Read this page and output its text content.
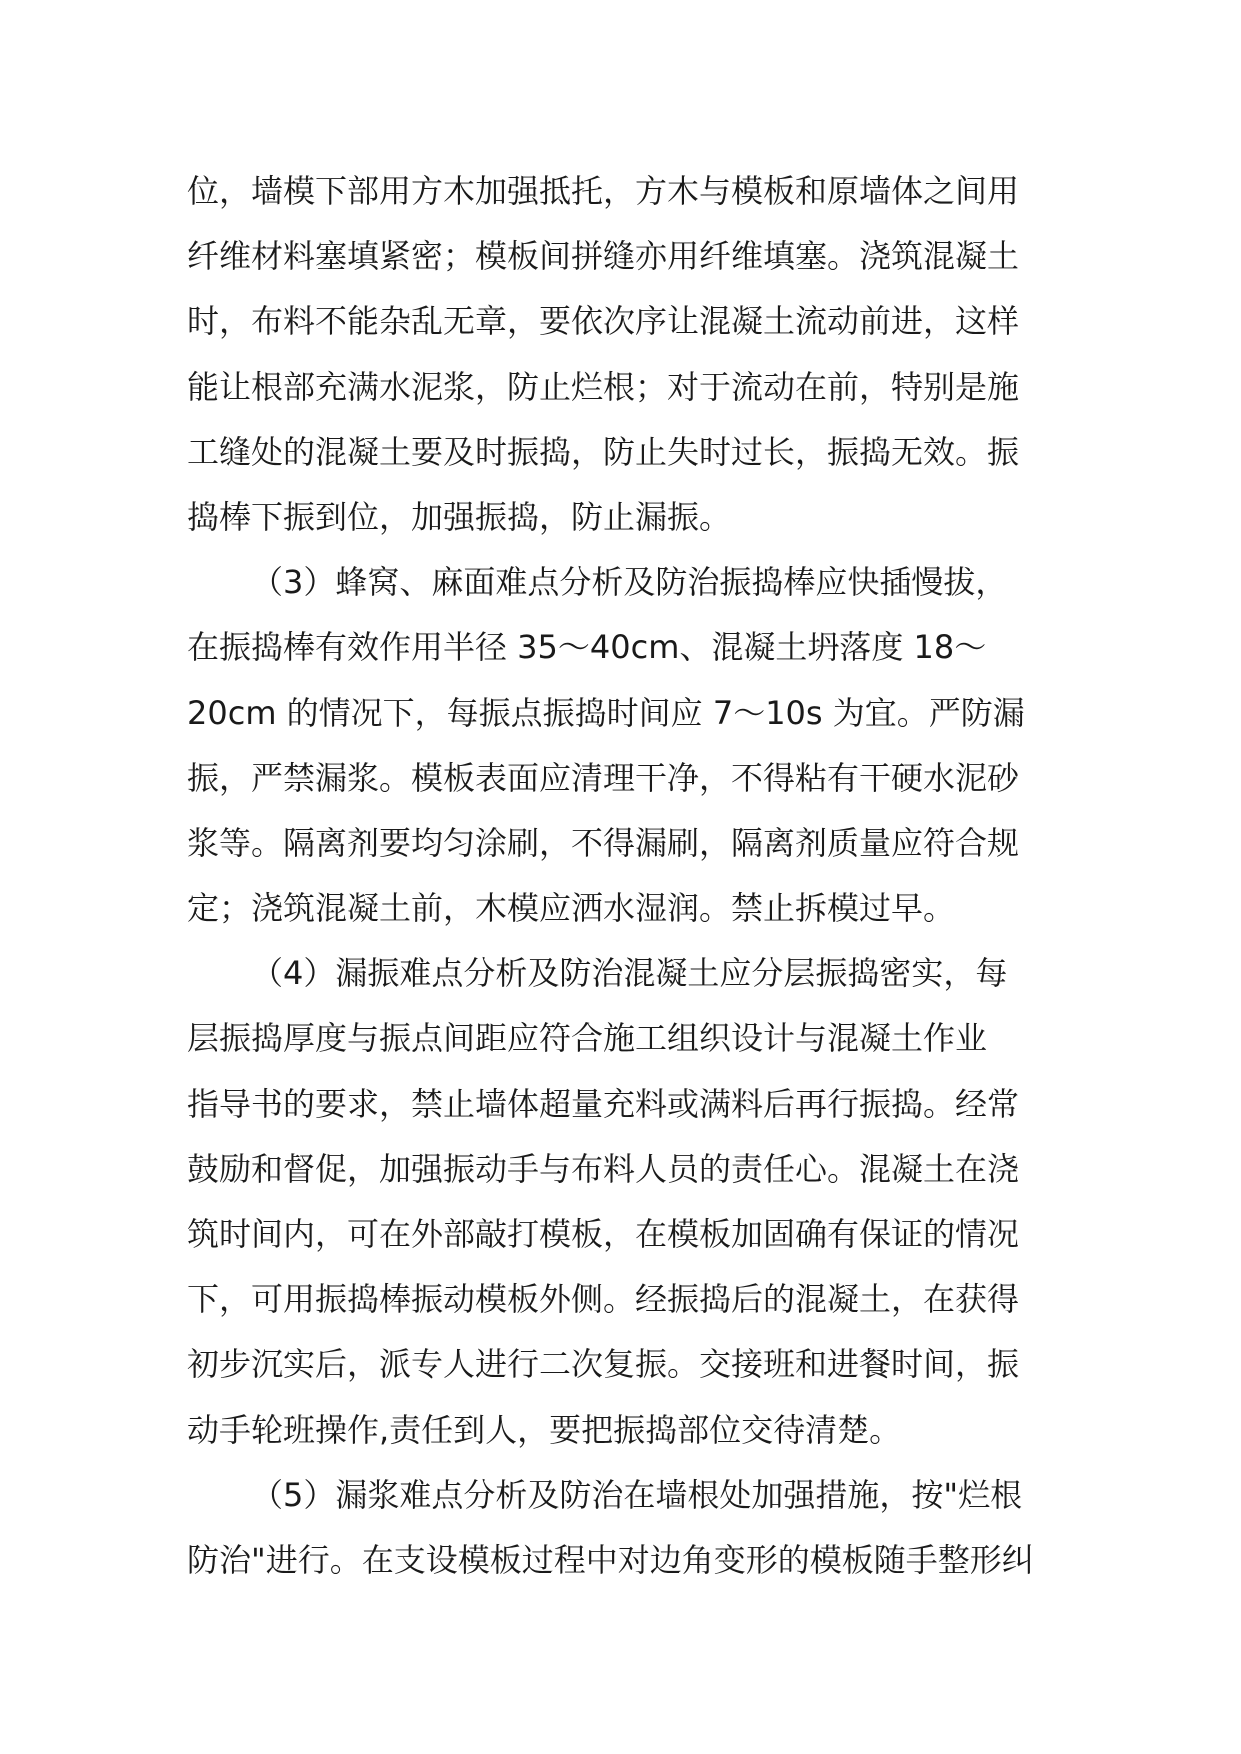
位，墙模下部用方木加强抵托，方木与模板和原墙体之间用
纤维材料塞填紧密；模板间拼缝亦用纤维填塞。浇筑混凝土
时，布料不能杂乱无章，要依次序让混凝土流动前进，这样
能让根部充满水泥浆，防止烂根；对于流动在前，特别是施
工缝处的混凝土要及时振捣，防止失时过长，振捣无效。振
捣棒下振到位，加强振捣，防止漏振。
（3）蜂窝、麻面难点分析及防治振捣棒应快插慢拔，
在振捣棒有效作用半径 35～40cm、混凝土坍落度 18～
20cm 的情况下，每振点振捣时间应 7～10s 为宜。严防漏
振，严禁漏浆。模板表面应清理干净，不得粘有干硬水泥砂
浆等。隔离剂要均匀涂刷，不得漏刷，隔离剂质量应符合规
定；浇筑混凝土前，木模应洒水湿润。禁止拆模过早。
（4）漏振难点分析及防治混凝土应分层振捣密实，每
层振捣厚度与振点间距应符合施工组织设计与混凝土作业
指导书的要求，禁止墙体超量充料或满料后再行振捣。经常
鼓励和督促，加强振动手与布料人员的责任心。混凝土在浇
筑时间内，可在外部敲打模板，在模板加固确有保证的情况
下，可用振捣棒振动模板外侧。经振捣后的混凝土，在获得
初步沉实后，派专人进行二次复振。交接班和进餐时间，振
动手轮班操作,责任到人，要把振捣部位交待清楚。
（5）漏浆难点分析及防治在墙根处加强措施，按"烂根
防治"进行。在支设模板过程中对边角变形的模板随手整形纠
